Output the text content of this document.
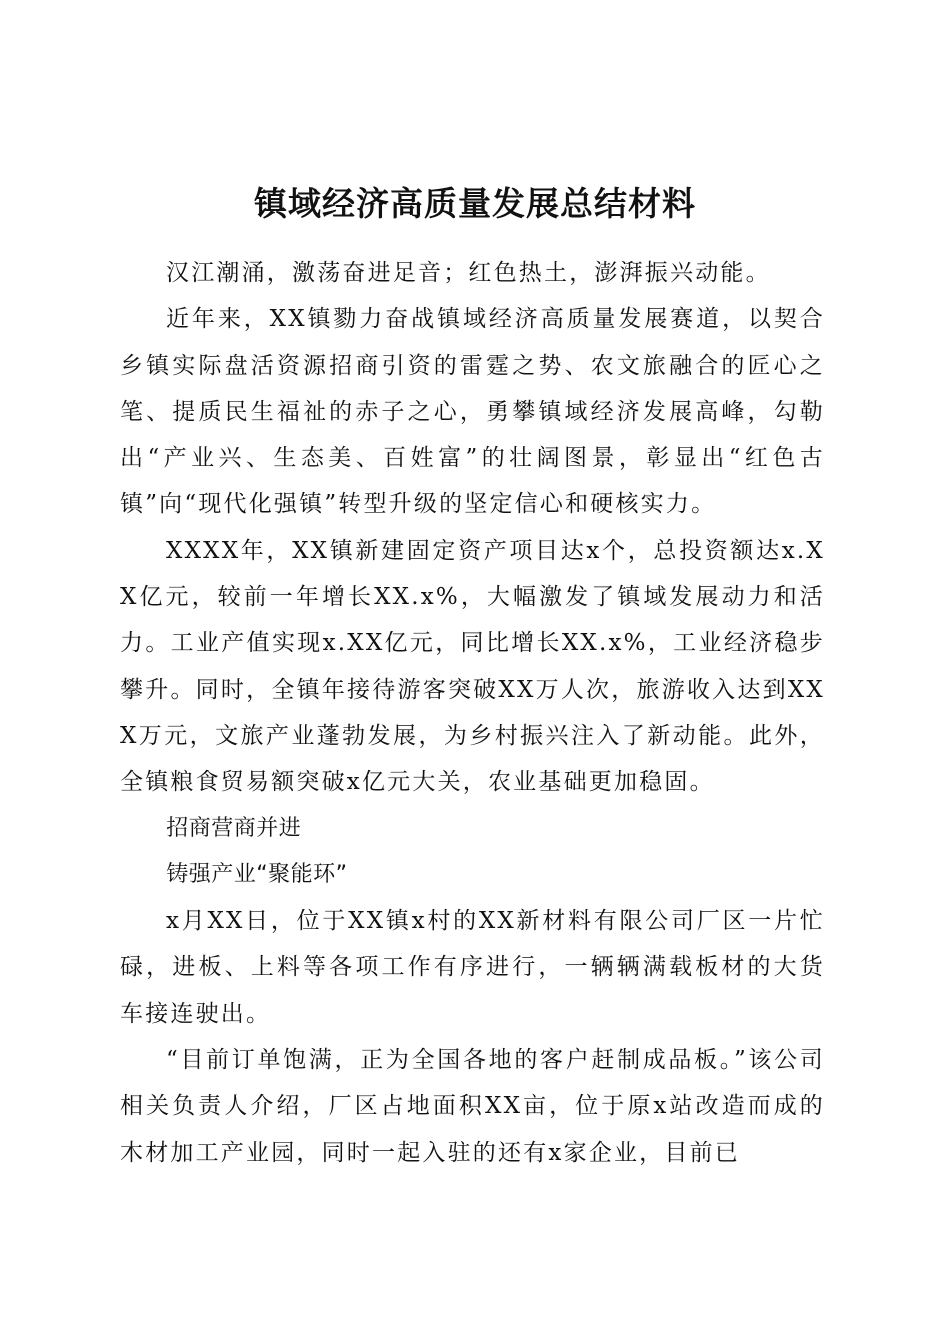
镇域经济高质量发展总结材料

汉江潮涌，激荡奋进足音；红色热土，澎湃振兴动能。

近年来，XX镇勠力奋战镇域经济高质量发展赛道，以契合乡镇实际盘活资源招商引资的雷霆之势、农文旅融合的匠心之笔、提质民生福祉的赤子之心，勇攀镇域经济发展高峰，勾勒出“产业兴、生态美、百姓富”的壮阔图景，彰显出“红色古镇”向“现代化强镇”转型升级的坚定信心和硬核实力。

XXXX年，XX镇新建固定资产项目达x个，总投资额达x.XX亿元，较前一年增长XX.x%，大幅激发了镇域发展动力和活力。工业产值实现x.XX亿元，同比增长XX.x%，工业经济稳步攀升。同时，全镇年接待游客突破XX万人次，旅游收入达到XXX万元，文旅产业蓬勃发展，为乡村振兴注入了新动能。此外，全镇粮食贸易额突破x亿元大关，农业基础更加稳固。

招商营商并进

铸强产业“聚能环”

x月XX日，位于XX镇x村的XX新材料有限公司厂区一片忙碌，进板、上料等各项工作有序进行，一辆辆满载板材的大货车接连驶出。

“目前订单饱满，正为全国各地的客户赶制成品板。”该公司相关负责人介绍，厂区占地面积XX亩，位于原x站改造而成的木材加工产业园，同时一起入驻的还有x家企业，目前已
